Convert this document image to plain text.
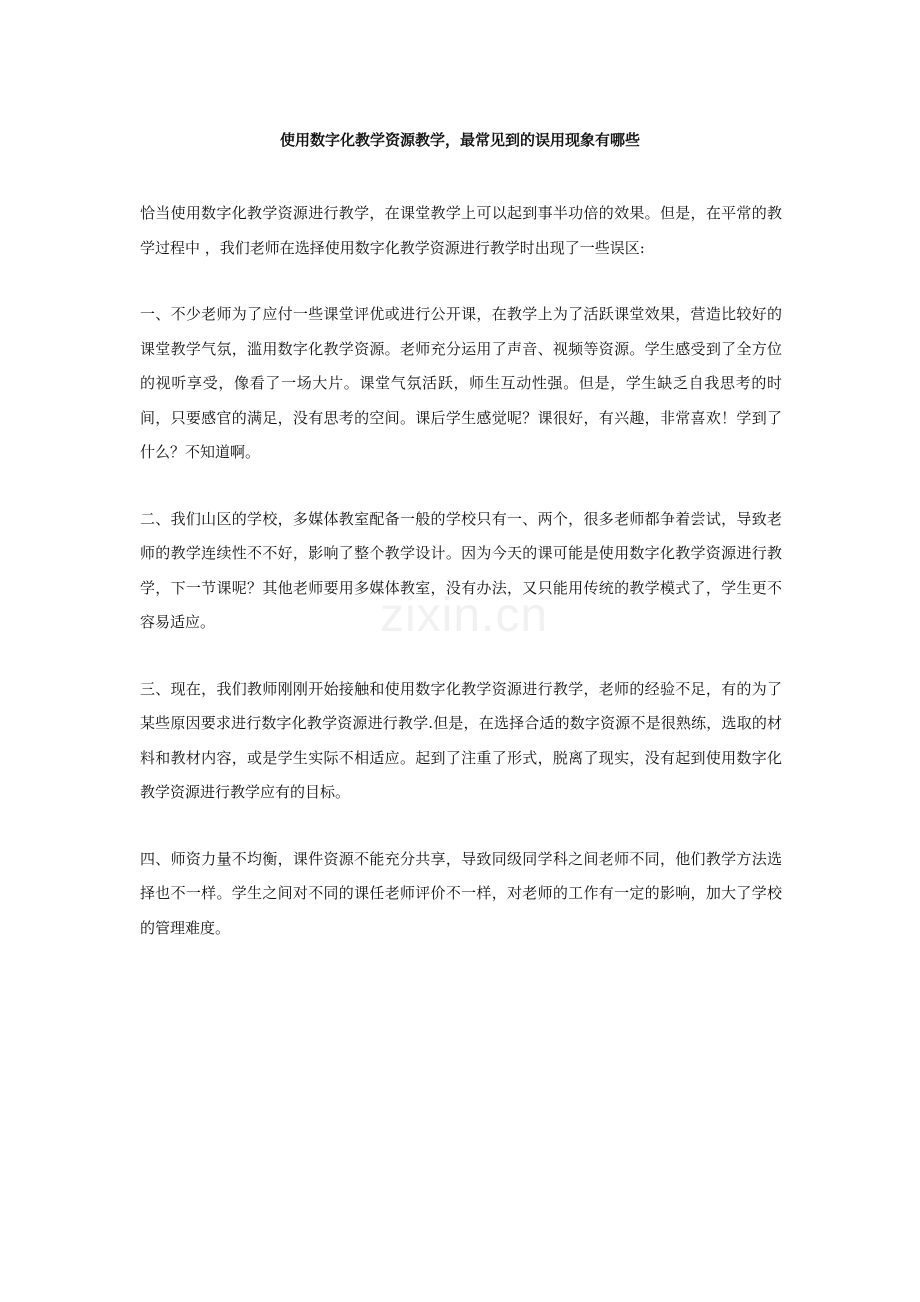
使用数字化教学资源教学，最常见到的误用现象有哪些

恰当使用数字化教学资源进行教学，在课堂教学上可以起到事半功倍的效果。但是，在平常的教学过程中 ，我们老师在选择使用数字化教学资源进行教学时出现了一些误区:

一、不少老师为了应付一些课堂评优或进行公开课，在教学上为了活跃课堂效果，营造比较好的课堂教学气氛，滥用数字化教学资源。老师充分运用了声音、视频等资源。学生感受到了全方位的视听享受，像看了一场大片。课堂气氛活跃，师生互动性强。但是，学生缺乏自我思考的时间，只要感官的满足，没有思考的空间。课后学生感觉呢？课很好，有兴趣，非常喜欢！学到了什么？不知道啊。

二、我们山区的学校，多媒体教室配备一般的学校只有一、两个，很多老师都争着尝试，导致老师的教学连续性不不好，影响了整个教学设计。因为今天的课可能是使用数字化教学资源进行教学，下一节课呢？其他老师要用多媒体教室，没有办法，又只能用传统的教学模式了，学生更不容易适应。

三、现在，我们教师刚刚开始接触和使用数字化教学资源进行教学，老师的经验不足，有的为了某些原因要求进行数字化教学资源进行教学.但是，在选择合适的数字资源不是很熟练，选取的材料和教材内容，或是学生实际不相适应。起到了注重了形式，脱离了现实，没有起到使用数字化教学资源进行教学应有的目标。

四、师资力量不均衡，课件资源不能充分共享，导致同级同学科之间老师不同，他们教学方法选择也不一样。学生之间对不同的课任老师评价不一样，对老师的工作有一定的影响，加大了学校的管理难度。

zixin.cn
